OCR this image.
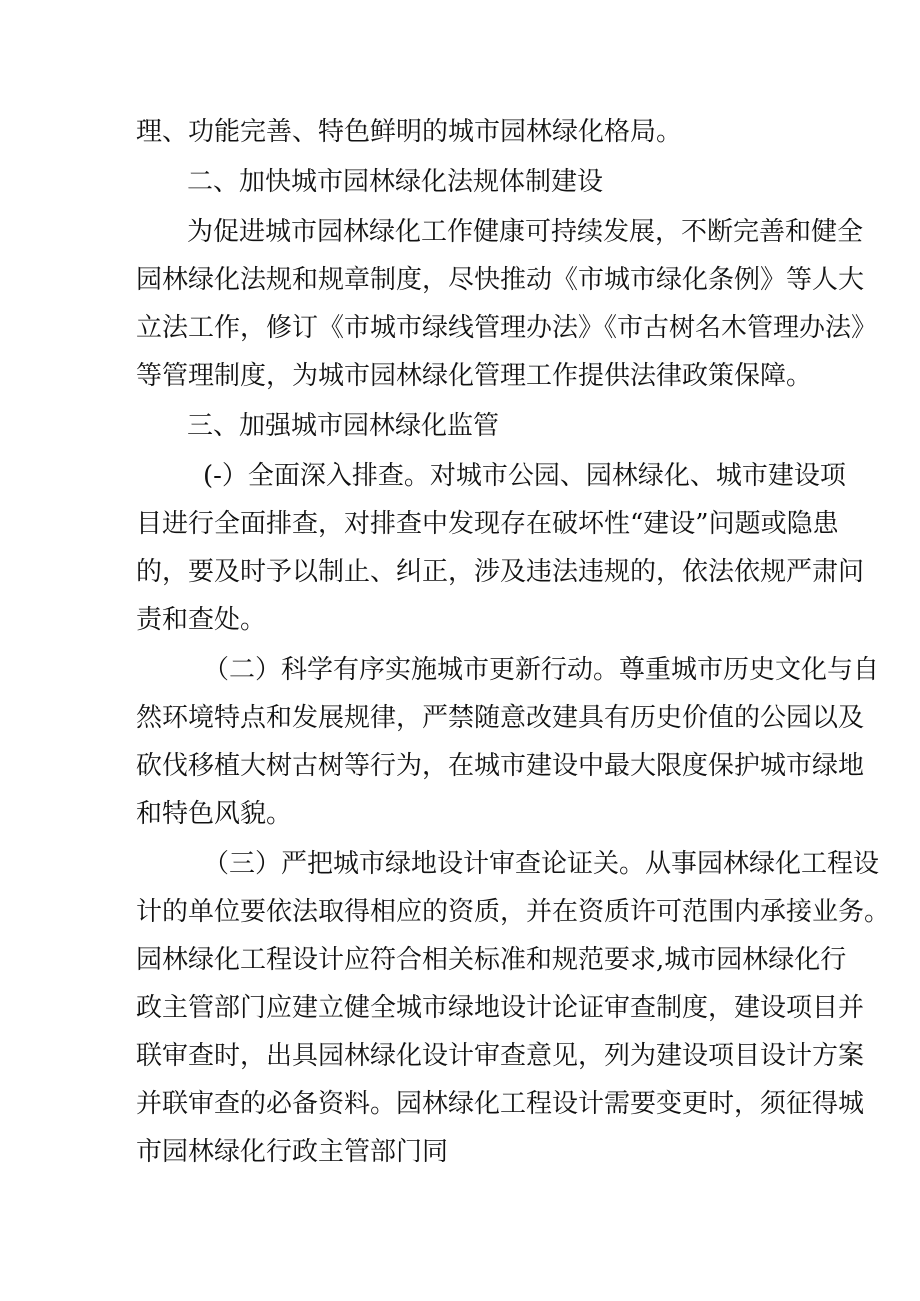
理、功能完善、特色鲜明的城市园林绿化格局。
二、加快城市园林绿化法规体制建设
为促进城市园林绿化工作健康可持续发展，不断完善和健全
园林绿化法规和规章制度，尽快推动《市城市绿化条例》等人大
立法工作，修订《市城市绿线管理办法》《市古树名木管理办法》
等管理制度，为城市园林绿化管理工作提供法律政策保障。
三、加强城市园林绿化监管
(-）全面深入排查。对城市公园、园林绿化、城市建设项
目进行全面排查，对排查中发现存在破坏性“建设”问题或隐患
的，要及时予以制止、纠正，涉及违法违规的，依法依规严肃问
责和查处。
（二）科学有序实施城市更新行动。尊重城市历史文化与自
然环境特点和发展规律，严禁随意改建具有历史价值的公园以及
砍伐移植大树古树等行为，在城市建设中最大限度保护城市绿地
和特色风貌。
（三）严把城市绿地设计审查论证关。从事园林绿化工程设
计的单位要依法取得相应的资质，并在资质许可范围内承接业务。
园林绿化工程设计应符合相关标准和规范要求,城市园林绿化行
政主管部门应建立健全城市绿地设计论证审查制度，建设项目并
联审查时，出具园林绿化设计审查意见，列为建设项目设计方案
并联审查的必备资料。园林绿化工程设计需要变更时，须征得城
市园林绿化行政主管部门同
